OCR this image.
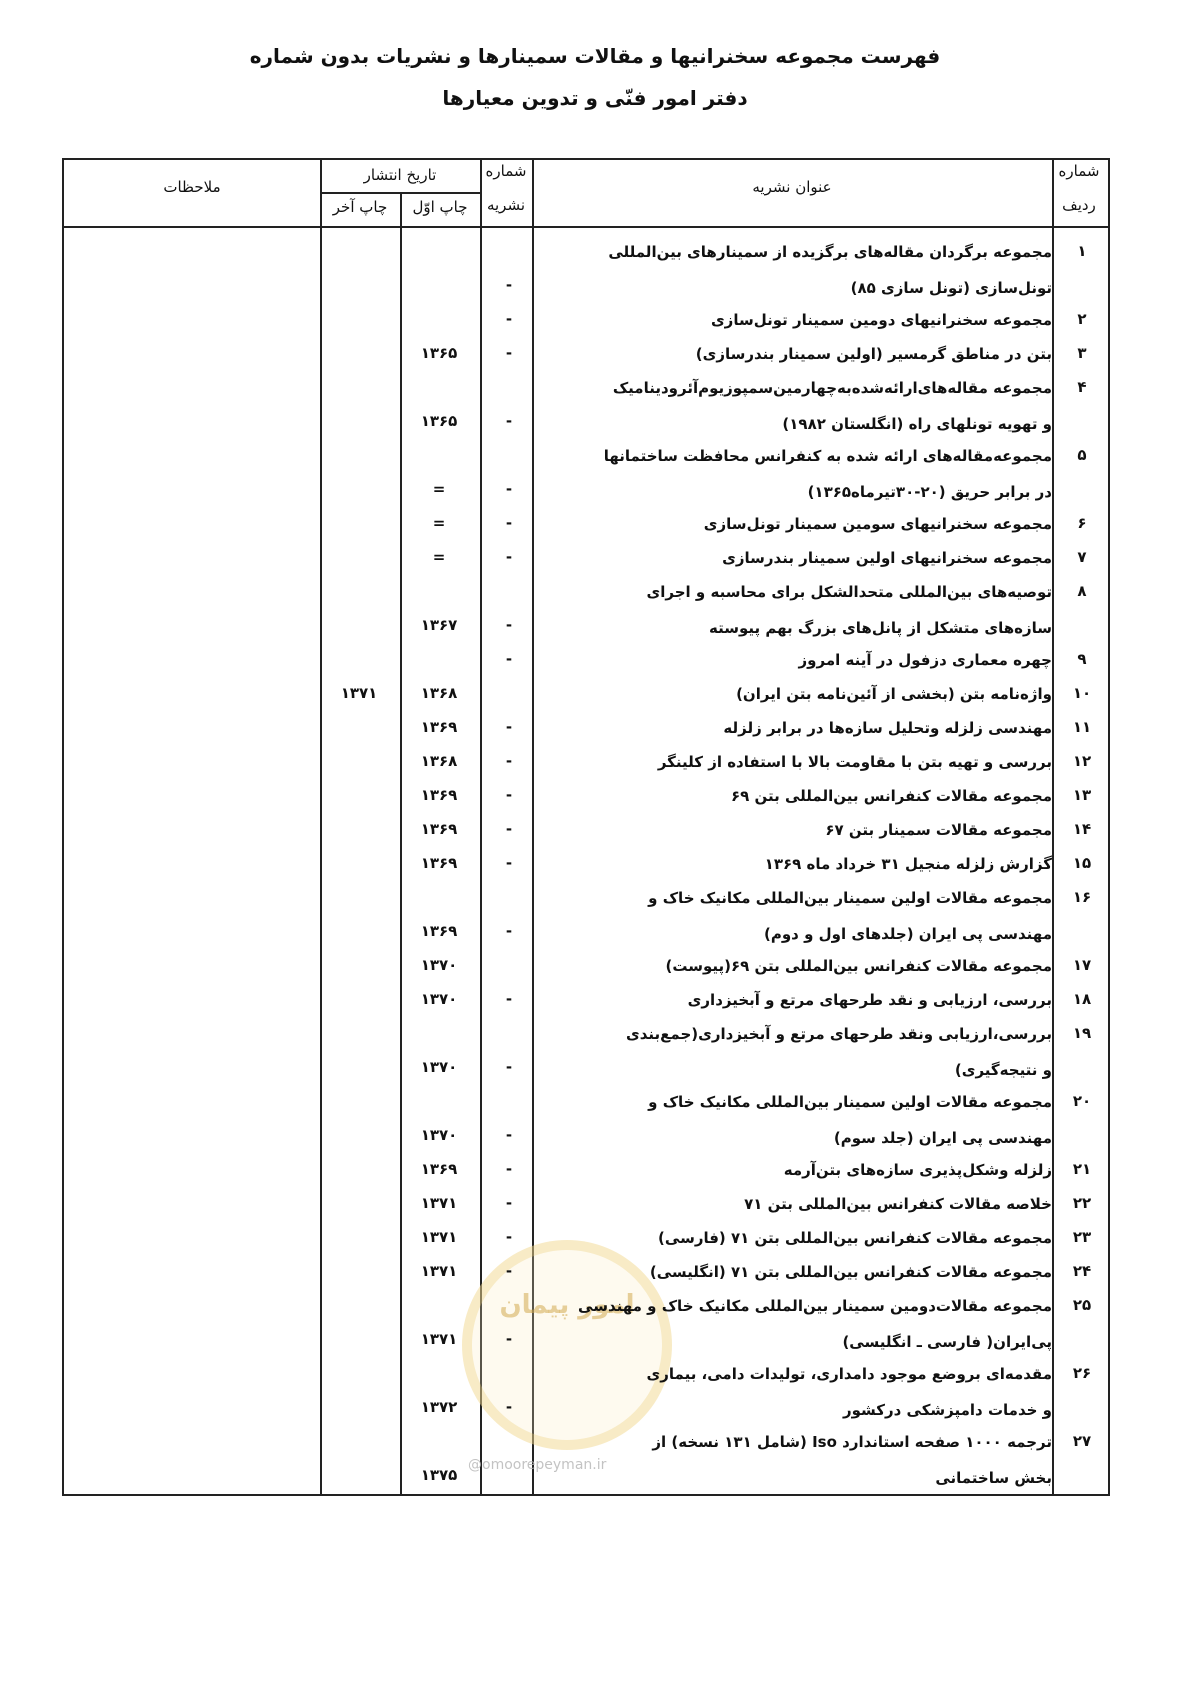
فهرست مجموعه سخنرانیها و مقالات سمینارها و نشریات بدون شماره
دفتر امور فنّی و تدوین معیارها
شماره
ردیف
عنوان نشریه
شماره
نشریه
تاریخ انتشار
چاپ اوّل
چاپ آخر
ملاحظات
امور پیمان
@omoorepeyman.ir
۱
مجموعه برگردان مقاله‌های برگزیده از سمینارهای بین‌المللی
تونل‌سازی (تونل سازی ۸۵)
-
۲
مجموعه سخنرانیهای دومین سمینار تونل‌سازی
-
۳
بتن در مناطق گرمسیر (اولین سمینار بندرسازی)
-
۱۳۶۵
۴
مجموعه مقاله‌های‌ارائه‌شده‌به‌چهارمین‌سمپوزیوم‌آئرودینامیک
و تهویه تونلهای راه (انگلستان ۱۹۸۲)
-
۱۳۶۵
۵
مجموعه‌مقاله‌های ارائه شده به کنفرانس محافظت ساختمانها
در برابر حریق (۲۰-۳۰تیرماه۱۳۶۵)
-
=
۶
مجموعه سخنرانیهای سومین سمینار تونل‌سازی
-
=
۷
مجموعه سخنرانیهای اولین سمینار بندرسازی
-
=
۸
توصیه‌های بین‌المللی متحدالشکل برای محاسبه و اجرای
سازه‌های متشکل از پانل‌های بزرگ بهم پیوسته
-
۱۳۶۷
۹
چهره معماری دزفول در آینه امروز
-
۱۰
واژه‌نامه بتن (بخشی از آئین‌نامه بتن ایران)
۱۳۶۸
۱۳۷۱
۱۱
مهندسی زلزله وتحلیل سازه‌ها در برابر زلزله
-
۱۳۶۹
۱۲
بررسی و تهیه بتن با مقاومت بالا با استفاده از کلینگر
-
۱۳۶۸
۱۳
مجموعه مقالات کنفرانس بین‌المللی بتن ۶۹
-
۱۳۶۹
۱۴
مجموعه مقالات سمینار بتن ۶۷
-
۱۳۶۹
۱۵
گزارش زلزله منجیل ۳۱ خرداد ماه ۱۳۶۹
-
۱۳۶۹
۱۶
مجموعه مقالات اولین سمینار بین‌المللی مکانیک خاک و
مهندسی پی ایران (جلدهای اول و دوم)
-
۱۳۶۹
۱۷
مجموعه مقالات کنفرانس بین‌المللی بتن ۶۹(پیوست)
۱۳۷۰
۱۸
بررسی، ارزیابی و نقد طرحهای مرتع و آبخیزداری
-
۱۳۷۰
۱۹
بررسی،ارزیابی ونقد طرحهای مرتع و آبخیزداری(جمع‌بندی
و نتیجه‌گیری)
-
۱۳۷۰
۲۰
مجموعه مقالات اولین سمینار بین‌المللی مکانیک خاک و
مهندسی پی ایران (جلد سوم)
-
۱۳۷۰
۲۱
زلزله وشکل‌پذیری سازه‌های بتن‌آرمه
-
۱۳۶۹
۲۲
خلاصه مقالات کنفرانس بین‌المللی بتن ۷۱
-
۱۳۷۱
۲۳
مجموعه مقالات کنفرانس بین‌المللی بتن ۷۱ (فارسی)
-
۱۳۷۱
۲۴
مجموعه مقالات کنفرانس بین‌المللی بتن ۷۱ (انگلیسی)
-
۱۳۷۱
۲۵
مجموعه مقالات‌دومین سمینار بین‌المللی مکانیک خاک و مهندسی
پی‌ایران( فارسی ـ انگلیسی)
-
۱۳۷۱
۲۶
مقدمه‌ای بروضع موجود دامداری، تولیدات دامی، بیماری
و خدمات دامپزشکی درکشور
-
۱۳۷۲
۲۷
ترجمه ۱۰۰۰ صفحه استاندارد Iso (شامل ۱۳۱ نسخه) از
بخش ساختمانی
۱۳۷۵
